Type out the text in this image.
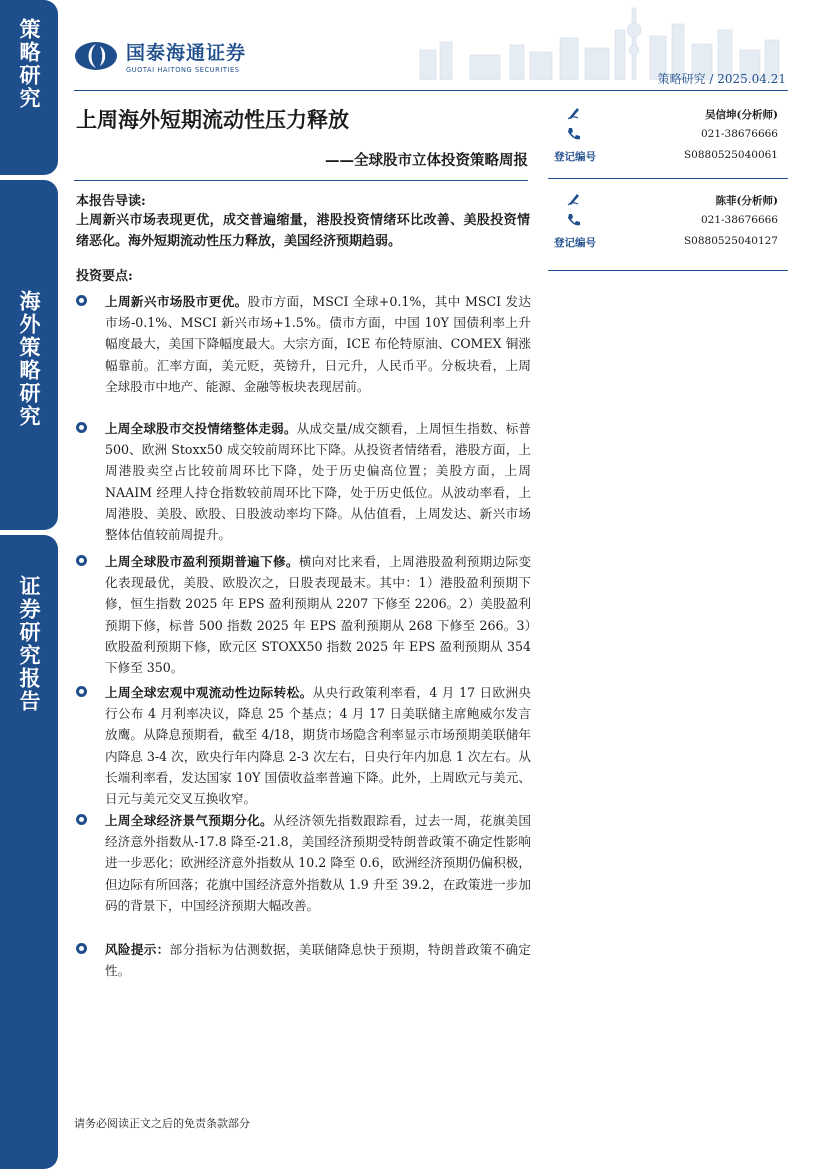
策略研究
海外策略研究
证券研究报告
国泰海通证券
GUOTAI HAITONG SECURITIES
策略研究 / 2025.04.21
上周海外短期流动性压力释放
——全球股市立体投资策略周报
吴信坤(分析师)
021-38676666
登记编号	S0880525040061
陈菲(分析师)
021-38676666
登记编号	S0880525040127
本报告导读:
上周新兴市场表现更优，成交普遍缩量，港股投资情绪环比改善、美股投资情绪恶化。海外短期流动性压力释放，美国经济预期趋弱。
投资要点:

上周新兴市场股市更优。股市方面，MSCI 全球+0.1%，其中 MSCI 发达市场-0.1%、MSCI 新兴市场+1.5%。债市方面，中国 10Y 国债利率上升幅度最大，美国下降幅度最大。大宗方面，ICE 布伦特原油、COMEX 铜涨幅靠前。汇率方面，美元贬，英镑升，日元升，人民币平。分板块看，上周全球股市中地产、能源、金融等板块表现居前。

上周全球股市交投情绪整体走弱。从成交量/成交额看，上周恒生指数、标普 500、欧洲 Stoxx50 成交较前周环比下降。从投资者情绪看，港股方面，上周港股卖空占比较前周环比下降，处于历史偏高位置；美股方面，上周 NAAIM 经理人持仓指数较前周环比下降，处于历史低位。从波动率看，上周港股、美股、欧股、日股波动率均下降。从估值看，上周发达、新兴市场整体估值较前周提升。

上周全球股市盈利预期普遍下修。横向对比来看，上周港股盈利预期边际变化表现最优，美股、欧股次之，日股表现最末。其中：1）港股盈利预期下修，恒生指数 2025 年 EPS 盈利预期从 2207 下修至 2206。2）美股盈利预期下修，标普 500 指数 2025 年 EPS 盈利预期从 268 下修至 266。3）欧股盈利预期下修，欧元区 STOXX50 指数 2025 年 EPS 盈利预期从 354 下修至 350。

上周全球宏观中观流动性边际转松。从央行政策利率看，4 月 17 日欧洲央行公布 4 月利率决议，降息 25 个基点；4 月 17 日美联储主席鲍威尔发言放鹰。从降息预期看，截至 4/18，期货市场隐含利率显示市场预期美联储年内降息 3-4 次，欧央行年内降息 2-3 次左右，日央行年内加息 1 次左右。从长端利率看，发达国家 10Y 国债收益率普遍下降。此外，上周欧元与美元、日元与美元交叉互换收窄。

上周全球经济景气预期分化。从经济领先指数跟踪看，过去一周，花旗美国经济意外指数从-17.8 降至-21.8，美国经济预期受特朗普政策不确定性影响进一步恶化；欧洲经济意外指数从 10.2 降至 0.6，欧洲经济预期仍偏积极，但边际有所回落；花旗中国经济意外指数从 1.9 升至 39.2，在政策进一步加码的背景下，中国经济预期大幅改善。

风险提示：部分指标为估测数据，美联储降息快于预期，特朗普政策不确定性。

请务必阅读正文之后的免责条款部分
